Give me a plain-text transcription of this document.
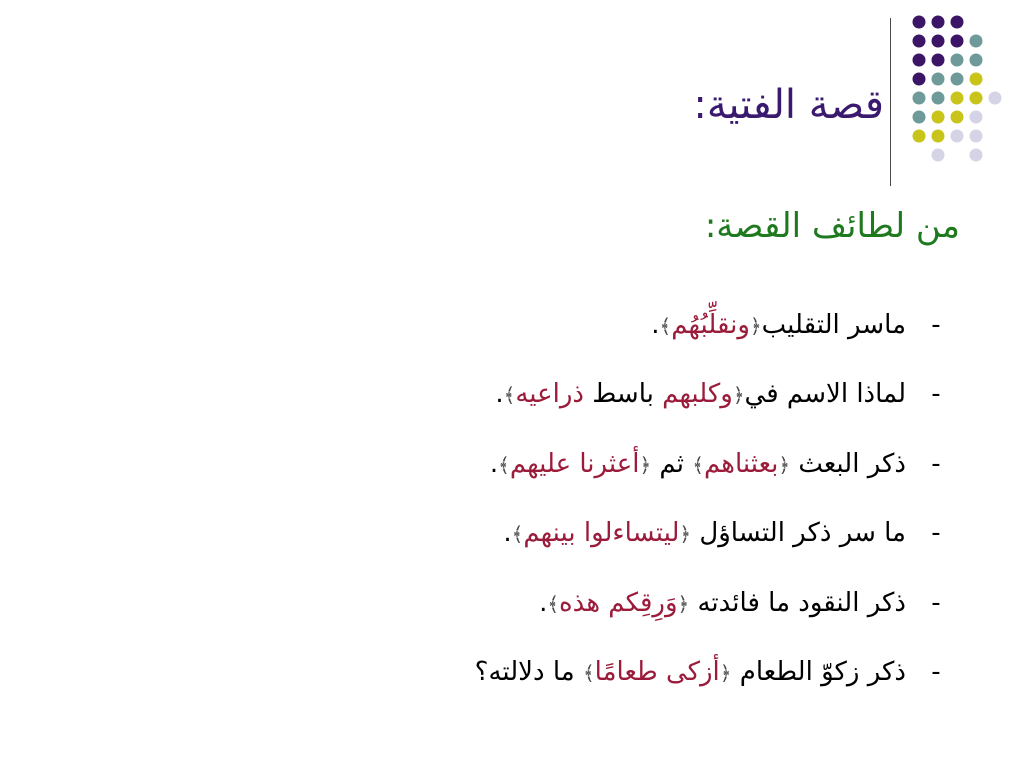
قصة الفتية:
من لطائف القصة:
-
ماسر التقليب﴿ونقلِّبُهُم﴾.
-
لماذا الاسم في﴿وكلبهم باسط ذراعيه﴾.
-
ذكر البعث ﴿بعثناهم﴾ ثم ﴿أعثرنا عليهم﴾.
-
ما سر ذكر التساؤل ﴿ليتساءلوا بينهم﴾.
-
ذكر النقود ما فائدته ﴿وَرِقِكم هذه﴾.
-
ذكر زكوّ الطعام ﴿أزكى طعامًا﴾ ما دلالته؟
